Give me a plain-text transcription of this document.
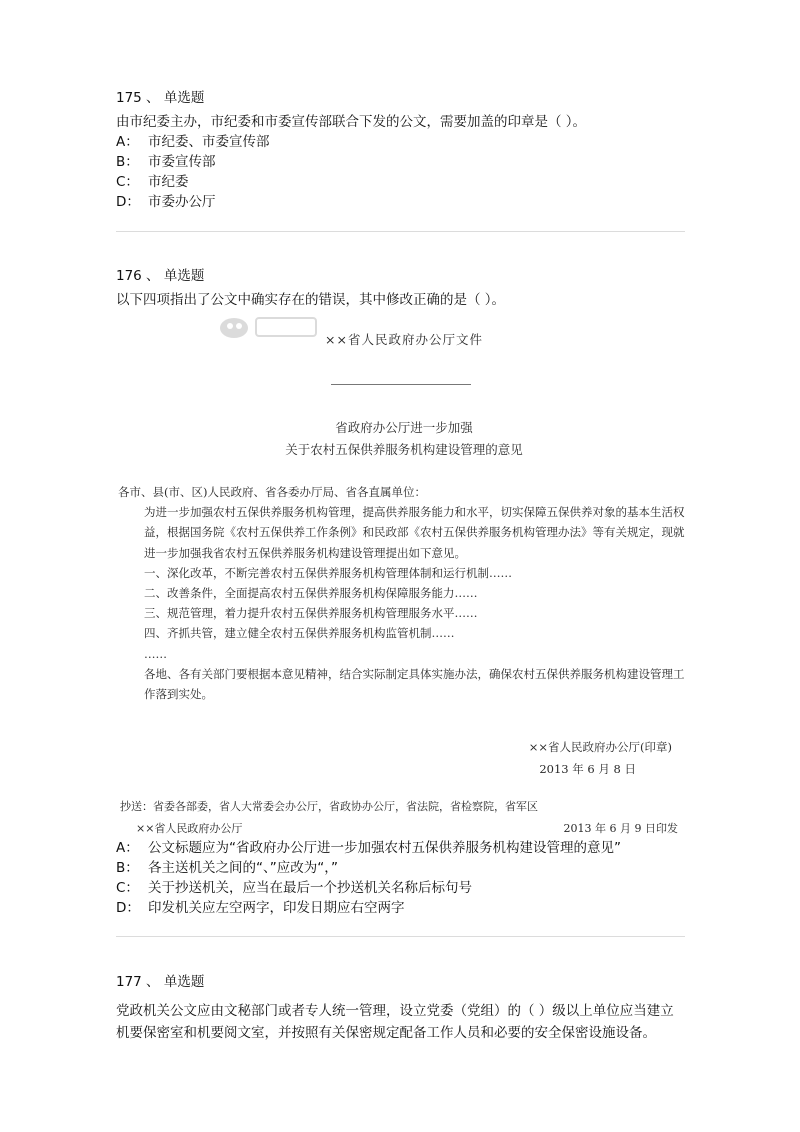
175 、 单选题

由市纪委主办，市纪委和市委宣传部联合下发的公文，需要加盖的印章是（ ）。

A： 市纪委、市委宣传部
B： 市委宣传部
C： 市纪委
D： 市委办公厅
176 、 单选题

以下四项指出了公文中确实存在的错误，其中修改正确的是（ ）。

××省人民政府办公厅文件
省政府办公厅进一步加强
关于农村五保供养服务机构建设管理的意见

各市、县(市、区)人民政府、省各委办厅局、省各直属单位：

为进一步加强农村五保供养服务机构管理，提高供养服务能力和水平，切实保障五保供养对象的基本生活权益，根据国务院《农村五保供养工作条例》和民政部《农村五保供养服务机构管理办法》等有关规定，现就进一步加强我省农村五保供养服务机构建设管理提出如下意见。

一、深化改革，不断完善农村五保供养服务机构管理体制和运行机制……

二、改善条件，全面提高农村五保供养服务机构保障服务能力……

三、规范管理，着力提升农村五保供养服务机构管理服务水平……

四、齐抓共管，建立健全农村五保供养服务机构监管机制……

……

各地、各有关部门要根据本意见精神，结合实际制定具体实施办法，确保农村五保供养服务机构建设管理工作落到实处。

××省人民政府办公厅(印章)
2013 年 6 月 8 日
抄送：省委各部委，省人大常委会办公厅，省政协办公厅，省法院，省检察院，省军区
××省人民政府办公厅	2013 年 6 月 9 日印发
A： 公文标题应为“省政府办公厅进一步加强农村五保供养服务机构建设管理的意见”
B： 各主送机关之间的“、”应改为“，”
C： 关于抄送机关，应当在最后一个抄送机关名称后标句号
D： 印发机关应左空两字，印发日期应右空两字
177 、 单选题

党政机关公文应由文秘部门或者专人统一管理，设立党委（党组）的（ ）级以上单位应当建立机要保密室和机要阅文室，并按照有关保密规定配备工作人员和必要的安全保密设施设备。
